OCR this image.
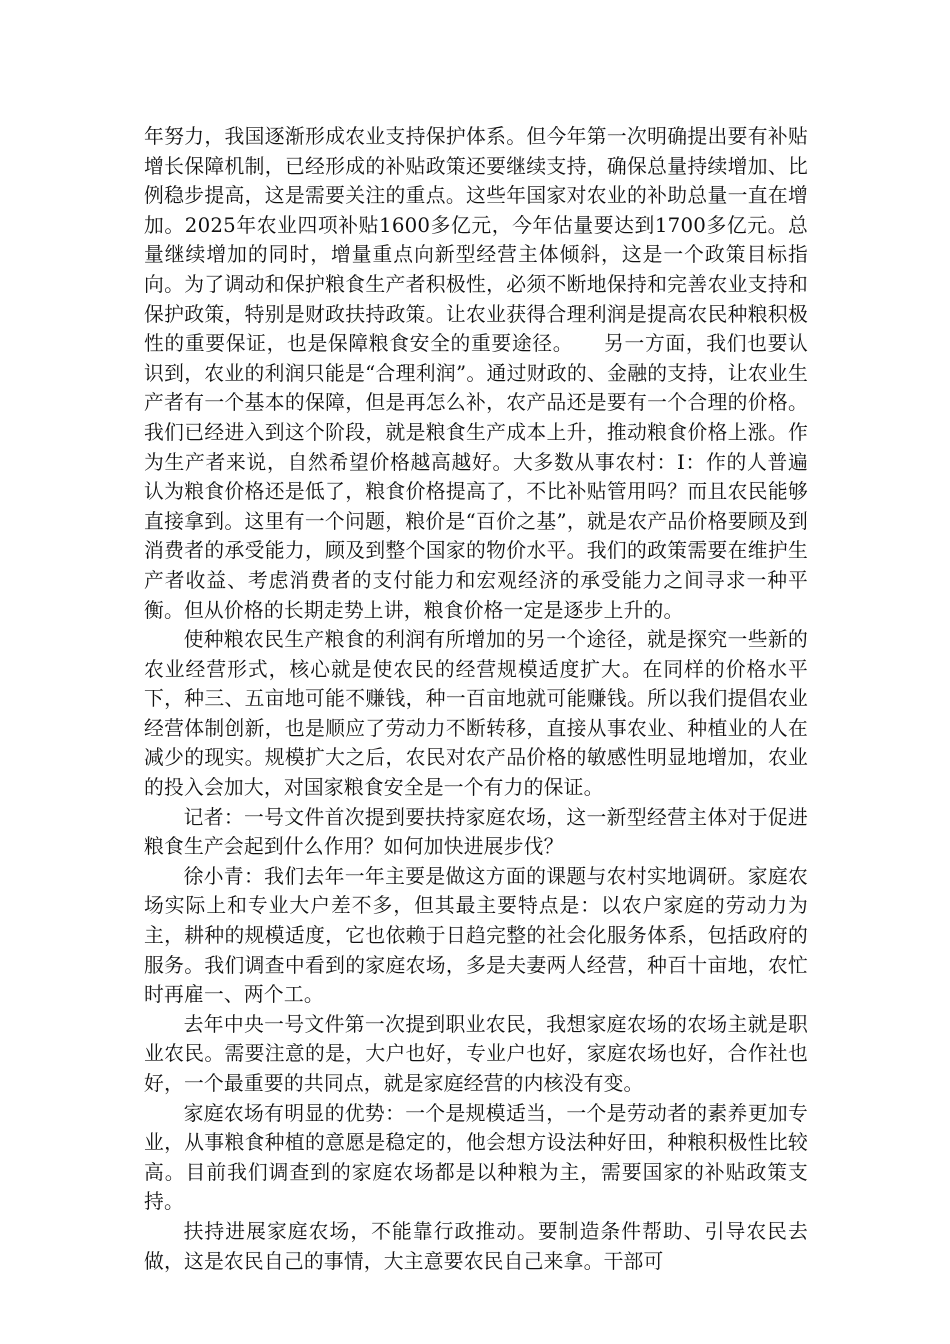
年努力，我国逐渐形成农业支持保护体系。但今年第一次明确提出要有补贴增长保障机制，已经形成的补贴政策还要继续支持，确保总量持续增加、比例稳步提高，这是需要关注的重点。这些年国家对农业的补助总量一直在增加。2025年农业四项补贴1600多亿元，今年估量要达到1700多亿元。总量继续增加的同时，增量重点向新型经营主体倾斜，这是一个政策目标指向。为了调动和保护粮食生产者积极性，必须不断地保持和完善农业支持和保护政策，特别是财政扶持政策。让农业获得合理利润是提高农民种粮积极性的重要保证，也是保障粮食安全的重要途径。　　另一方面，我们也要认识到，农业的利润只能是“合理利润”。通过财政的、金融的支持，让农业生产者有一个基本的保障，但是再怎么补，农产品还是要有一个合理的价格。我们已经进入到这个阶段，就是粮食生产成本上升，推动粮食价格上涨。作为生产者来说，自然希望价格越高越好。大多数从事农村：I：作的人普遍认为粮食价格还是低了，粮食价格提高了，不比补贴管用吗？而且农民能够直接拿到。这里有一个问题，粮价是“百价之基”，就是农产品价格要顾及到消费者的承受能力，顾及到整个国家的物价水平。我们的政策需要在维护生产者收益、考虑消费者的支付能力和宏观经济的承受能力之间寻求一种平衡。但从价格的长期走势上讲，粮食价格一定是逐步上升的。

使种粮农民生产粮食的利润有所增加的另一个途径，就是探究一些新的农业经营形式，核心就是使农民的经营规模适度扩大。在同样的价格水平下，种三、五亩地可能不赚钱，种一百亩地就可能赚钱。所以我们提倡农业经营体制创新，也是顺应了劳动力不断转移，直接从事农业、种植业的人在减少的现实。规模扩大之后，农民对农产品价格的敏感性明显地增加，农业的投入会加大，对国家粮食安全是一个有力的保证。

记者：一号文件首次提到要扶持家庭农场，这一新型经营主体对于促进粮食生产会起到什么作用？如何加快进展步伐？

徐小青：我们去年一年主要是做这方面的课题与农村实地调研。家庭农场实际上和专业大户差不多，但其最主要特点是：以农户家庭的劳动力为主，耕种的规模适度，它也依赖于日趋完整的社会化服务体系，包括政府的服务。我们调查中看到的家庭农场，多是夫妻两人经营，种百十亩地，农忙时再雇一、两个工。

去年中央一号文件第一次提到职业农民，我想家庭农场的农场主就是职业农民。需要注意的是，大户也好，专业户也好，家庭农场也好，合作社也好，一个最重要的共同点，就是家庭经营的内核没有变。

家庭农场有明显的优势：一个是规模适当，一个是劳动者的素养更加专业，从事粮食种植的意愿是稳定的，他会想方设法种好田，种粮积极性比较高。目前我们调查到的家庭农场都是以种粮为主，需要国家的补贴政策支持。

扶持进展家庭农场，不能靠行政推动。要制造条件帮助、引导农民去做，这是农民自己的事情，大主意要农民自己来拿。干部可
